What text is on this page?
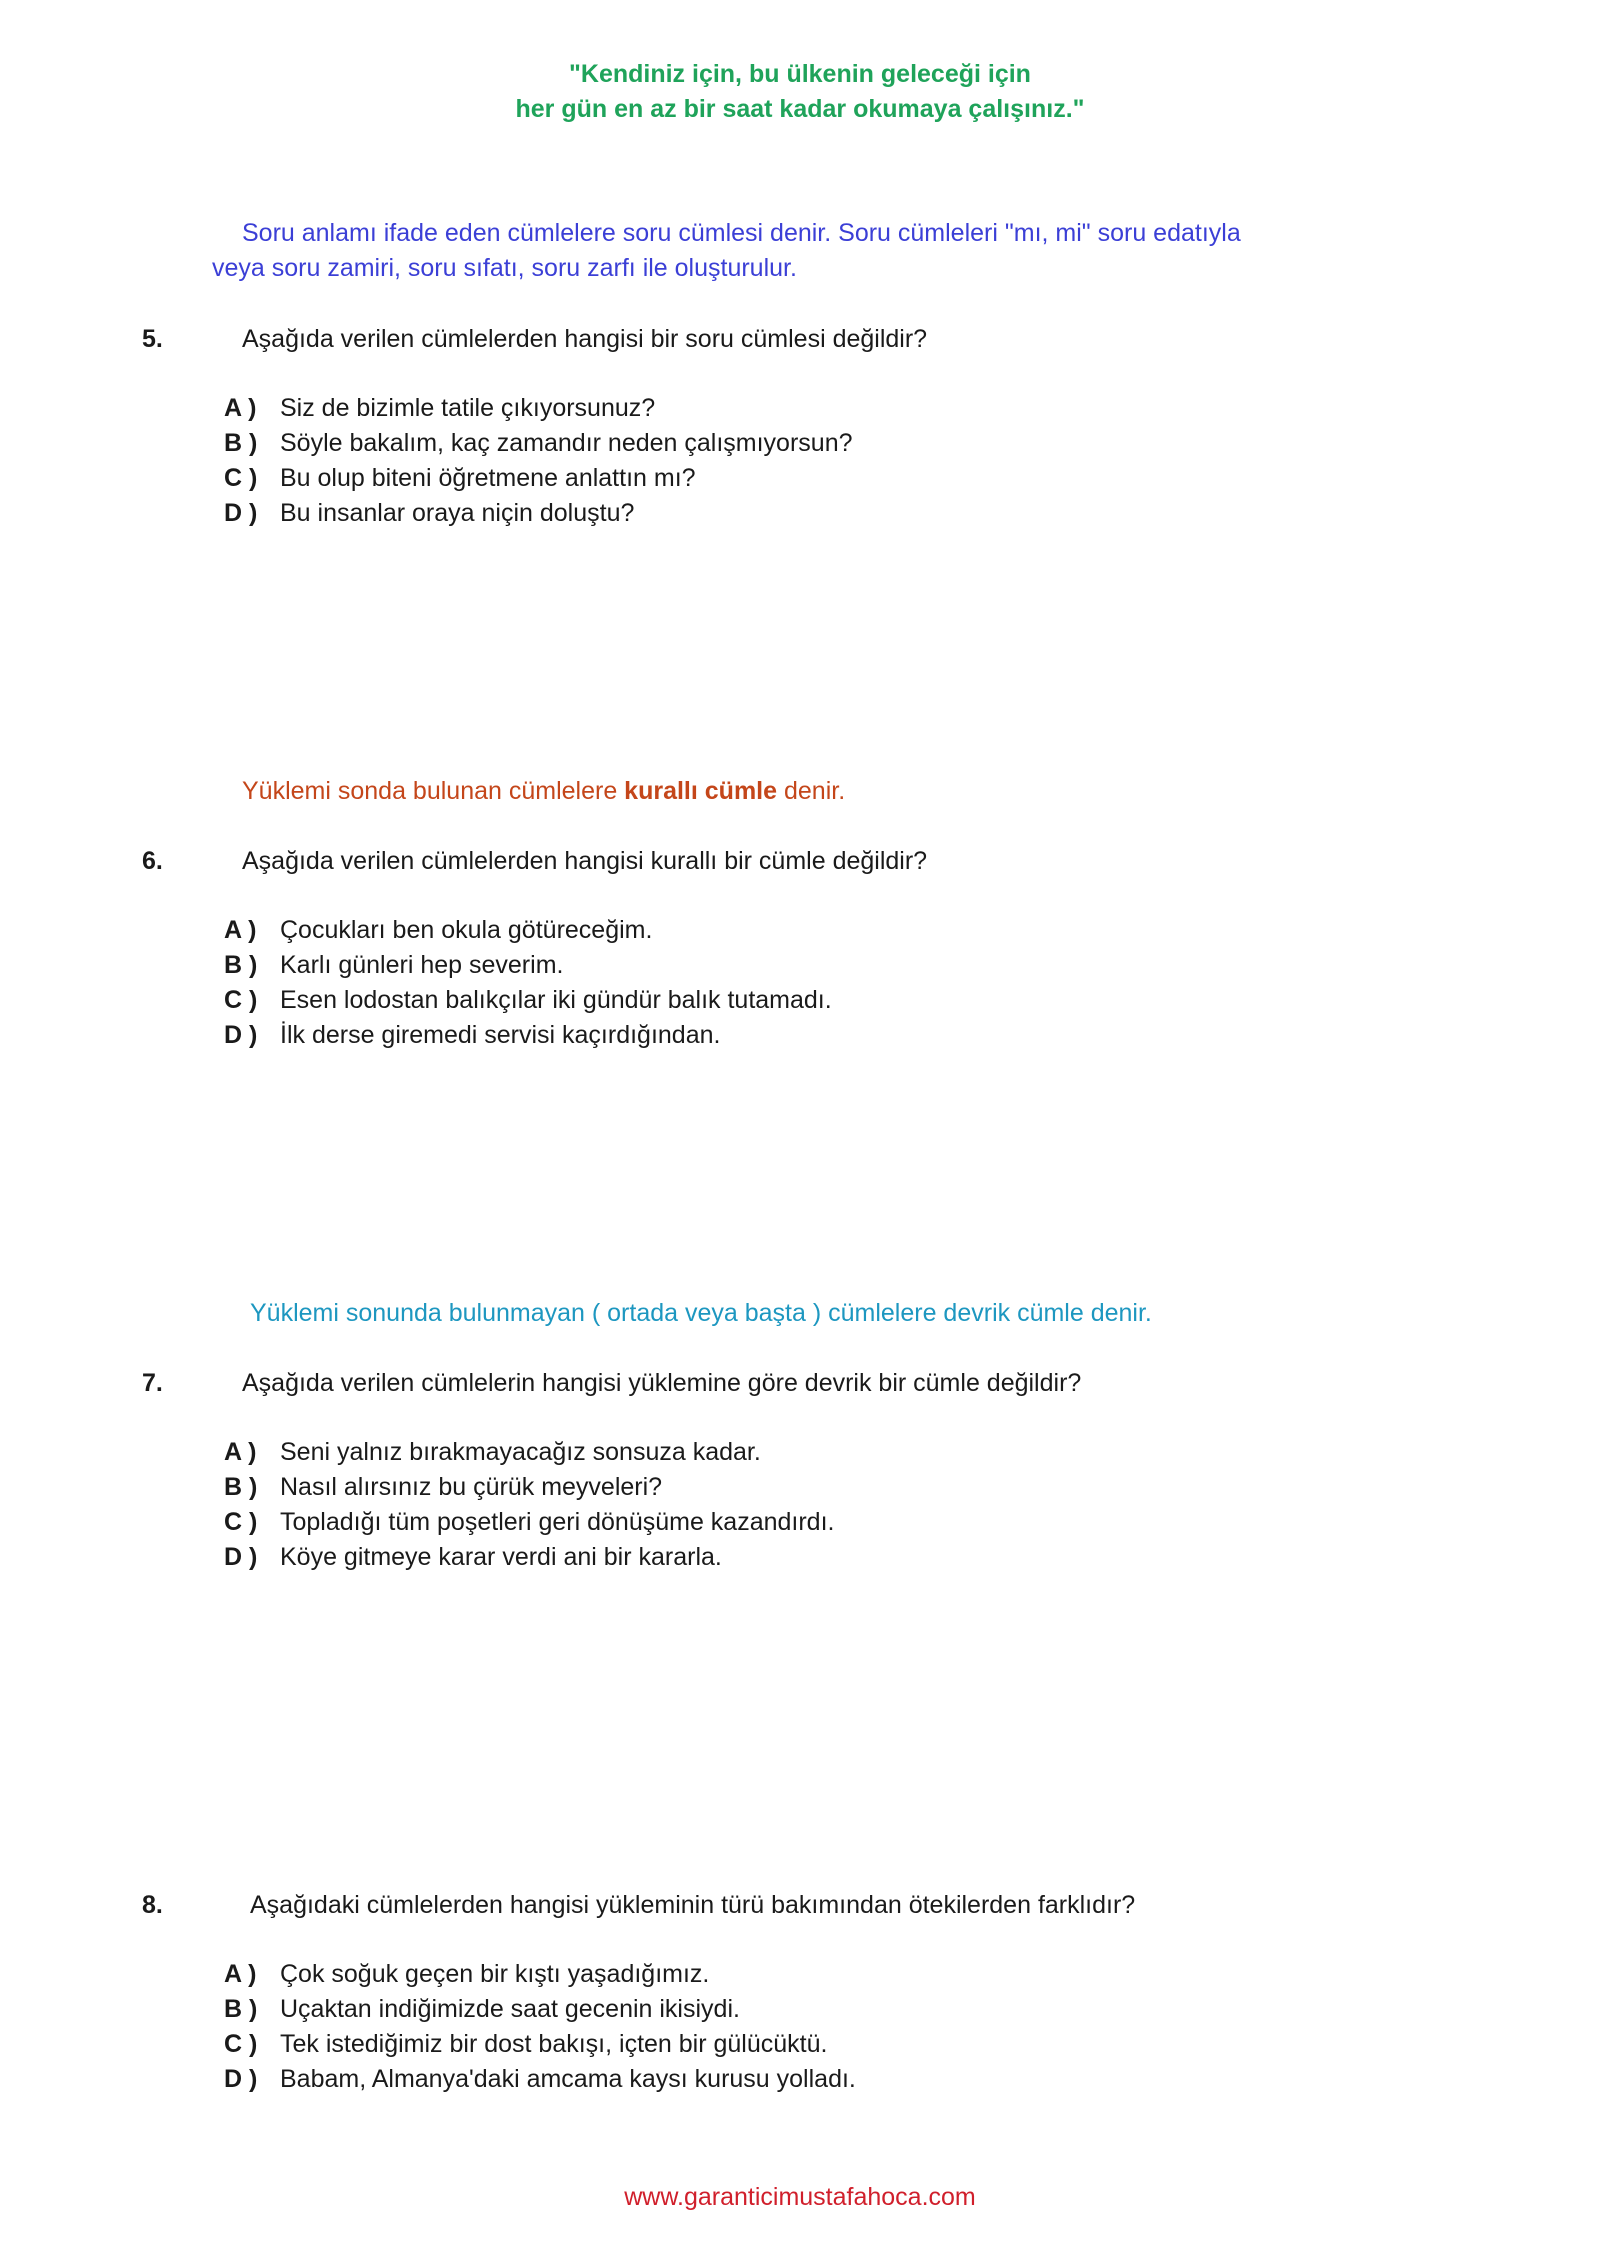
"Kendiniz için, bu ülkenin geleceği için
her gün en az bir saat kadar okumaya çalışınız."
Soru anlamı ifade eden cümlelere soru cümlesi denir. Soru cümleleri "mı, mi" soru edatıyla
veya soru zamiri, soru sıfatı, soru zarfı ile oluşturulur.
5.	Aşağıda verilen cümlelerden hangisi bir soru cümlesi değildir?
A ) Siz de bizimle tatile çıkıyorsunuz?
B ) Söyle bakalım, kaç zamandır neden çalışmıyorsun?
C ) Bu olup biteni öğretmene anlattın mı?
D ) Bu insanlar oraya niçin doluştu?
Yüklemi sonda bulunan cümlelere kurallı cümle denir.
6.	Aşağıda verilen cümlelerden hangisi kurallı bir cümle değildir?
A ) Çocukları ben okula götüreceğim.
B ) Karlı günleri hep severim.
C ) Esen lodostan balıkçılar iki gündür balık tutamadı.
D ) İlk derse giremedi servisi kaçırdığından.
Yüklemi sonunda bulunmayan ( ortada veya başta ) cümlelere devrik cümle denir.
7.	Aşağıda verilen cümlelerin hangisi yüklemine göre devrik bir cümle değildir?
A ) Seni yalnız bırakmayacağız sonsuza kadar.
B ) Nasıl alırsınız bu çürük meyveleri?
C ) Topladığı tüm poşetleri geri dönüşüme kazandırdı.
D ) Köye gitmeye karar verdi ani bir kararla.
8.	Aşağıdaki cümlelerden hangisi yükleminin türü bakımından ötekilerden farklıdır?
A ) Çok soğuk geçen bir kıştı yaşadığımız.
B ) Uçaktan indiğimizde saat gecenin ikisiydi.
C ) Tek istediğimiz bir dost bakışı, içten bir gülücüktü.
D ) Babam, Almanya'daki amcama kaysı kurusu yolladı.
www.garanticimustafahoca.com
